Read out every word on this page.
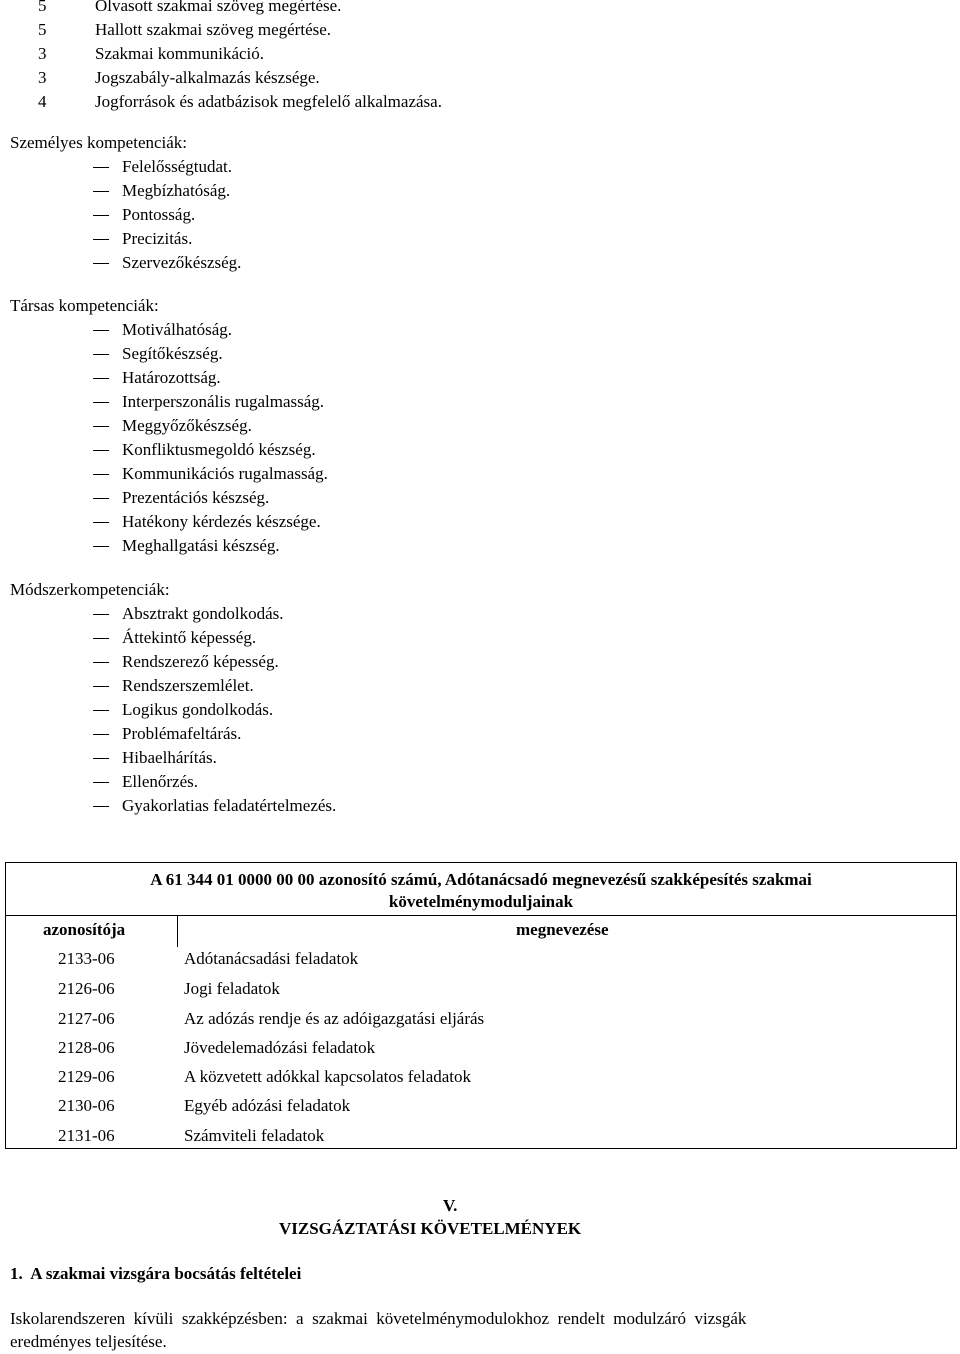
5	Olvasott szakmai szöveg megértése.
5	Hallott szakmai szöveg megértése.
3	Szakmai kommunikáció.
3	Jogszabály-alkalmazás készsége.
4	Jogforrások és adatbázisok megfelelő alkalmazása.
Személyes kompetenciák:
Felelősségtudat.
Megbízhatóság.
Pontosság.
Precizitás.
Szervezőkészség.
Társas kompetenciák:
Motiválhatóság.
Segítőkészség.
Határozottság.
Interperszonális rugalmasság.
Meggyőzőkészség.
Konfliktusmegoldó készség.
Kommunikációs rugalmasság.
Prezentációs készség.
Hatékony kérdezés készsége.
Meghallgatási készség.
Módszerkompetenciák:
Absztrakt gondolkodás.
Áttekintő képesség.
Rendszerező képesség.
Rendszerszemlélet.
Logikus gondolkodás.
Problémafeltárás.
Hibaelhárítás.
Ellenőrzés.
Gyakorlatias feladatértelmezés.
A 61 344 01 0000 00 00 azonosító számú, Adótanácsadó megnevezésű szakképesítés szakmai
követelménymoduljainak
azonosítója	megnevezése
2133-06	Adótanácsadási feladatok
2126-06	Jogi feladatok
2127-06	Az adózás rendje és az adóigazgatási eljárás
2128-06	Jövedelemadózási feladatok
2129-06	A közvetett adókkal kapcsolatos feladatok
2130-06	Egyéb adózási feladatok
2131-06	Számviteli feladatok
V.
VIZSGÁZTATÁSI KÖVETELMÉNYEK
1.  A szakmai vizsgára bocsátás feltételei
Iskolarendszeren  kívüli  szakképzésben:  a  szakmai  követelménymodulokhoz  rendelt  modulzáró  vizsgák
eredményes teljesítése.
